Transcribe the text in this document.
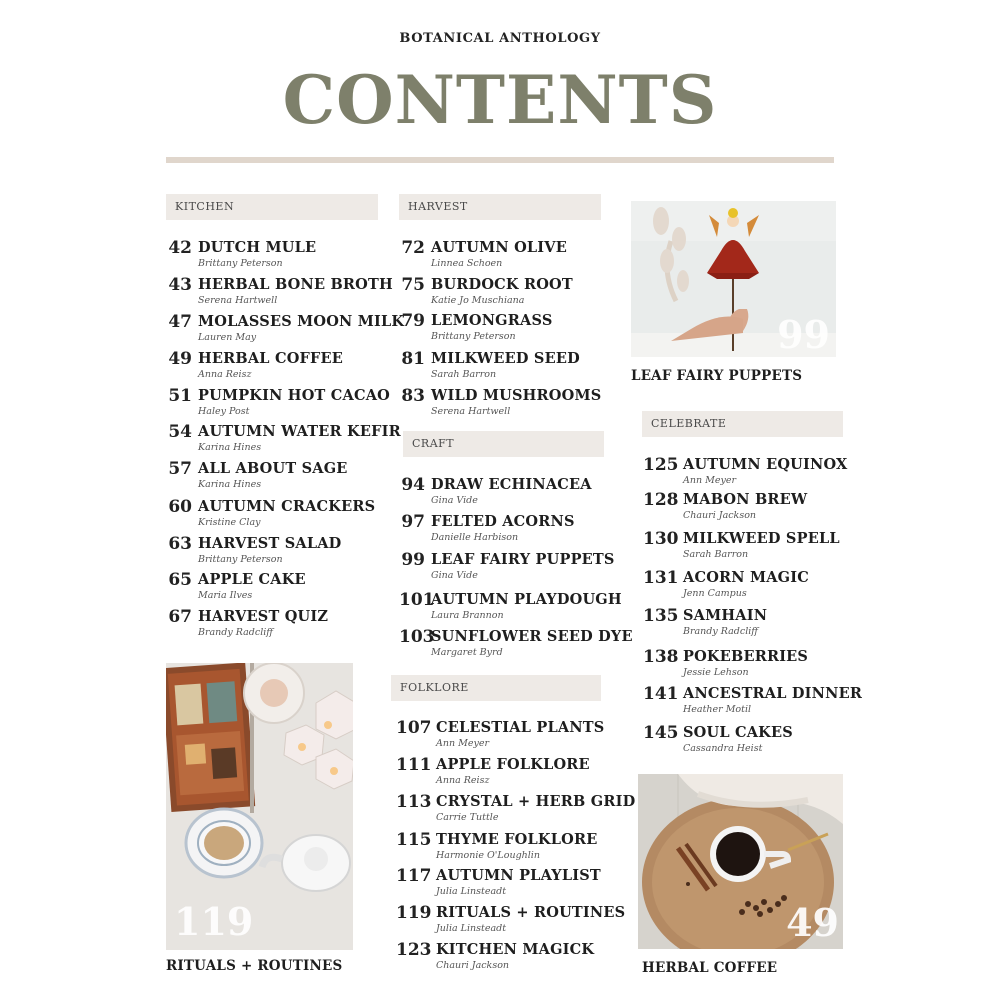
BOTANICAL ANTHOLOGY
CONTENTS
KITCHEN
42 DUTCH MULE
Brittany Peterson
43 HERBAL BONE BROTH
Serena Hartwell
47 MOLASSES MOON MILK
Lauren May
49 HERBAL COFFEE
Anna Reisz
51 PUMPKIN HOT CACAO
Haley Post
54 AUTUMN WATER KEFIR
Karina Hines
57 ALL ABOUT SAGE
Karina Hines
60 AUTUMN CRACKERS
Kristine Clay
63 HARVEST SALAD
Brittany Peterson
65 APPLE CAKE
Maria Ilves
67 HARVEST QUIZ
Brandy Radcliff
HARVEST
72 AUTUMN OLIVE
Linnea Schoen
75 BURDOCK ROOT
Katie Jo Muschiana
79 LEMONGRASS
Brittany Peterson
81 MILKWEED SEED
Sarah Barron
83 WILD MUSHROOMS
Serena Hartwell
CRAFT
94 DRAW ECHINACEA
Gina Vide
97 FELTED ACORNS
Danielle Harbison
99 LEAF FAIRY PUPPETS
Gina Vide
101
AUTUMN PLAYDOUGH
Laura Brannon
103
SUNFLOWER SEED DYE
Margaret Byrd
FOLKLORE
107 CELESTIAL PLANTS
Ann Meyer
111 APPLE FOLKLORE
Anna Reisz
113 CRYSTAL + HERB GRID
Carrie Tuttle
115 THYME FOLKLORE
Harmonie O'Loughlin
117 AUTUMN PLAYLIST
Julia Linsteadt
119 RITUALS + ROUTINES
Julia Linsteadt
123 KITCHEN MAGICK
Chauri Jackson
CELEBRATE
125 AUTUMN EQUINOX
Ann Meyer
128 MABON BREW
Chauri Jackson
130 MILKWEED SPELL
Sarah Barron
131 ACORN MAGIC
Jenn Campus
135 SAMHAIN
Brandy Radcliff
138 POKEBERRIES
Jessie Lehson
141 ANCESTRAL DINNER
Heather Motil
145 SOUL CAKES
Cassandra Heist
99
LEAF FAIRY PUPPETS
119
RITUALS + ROUTINES
49
HERBAL COFFEE
